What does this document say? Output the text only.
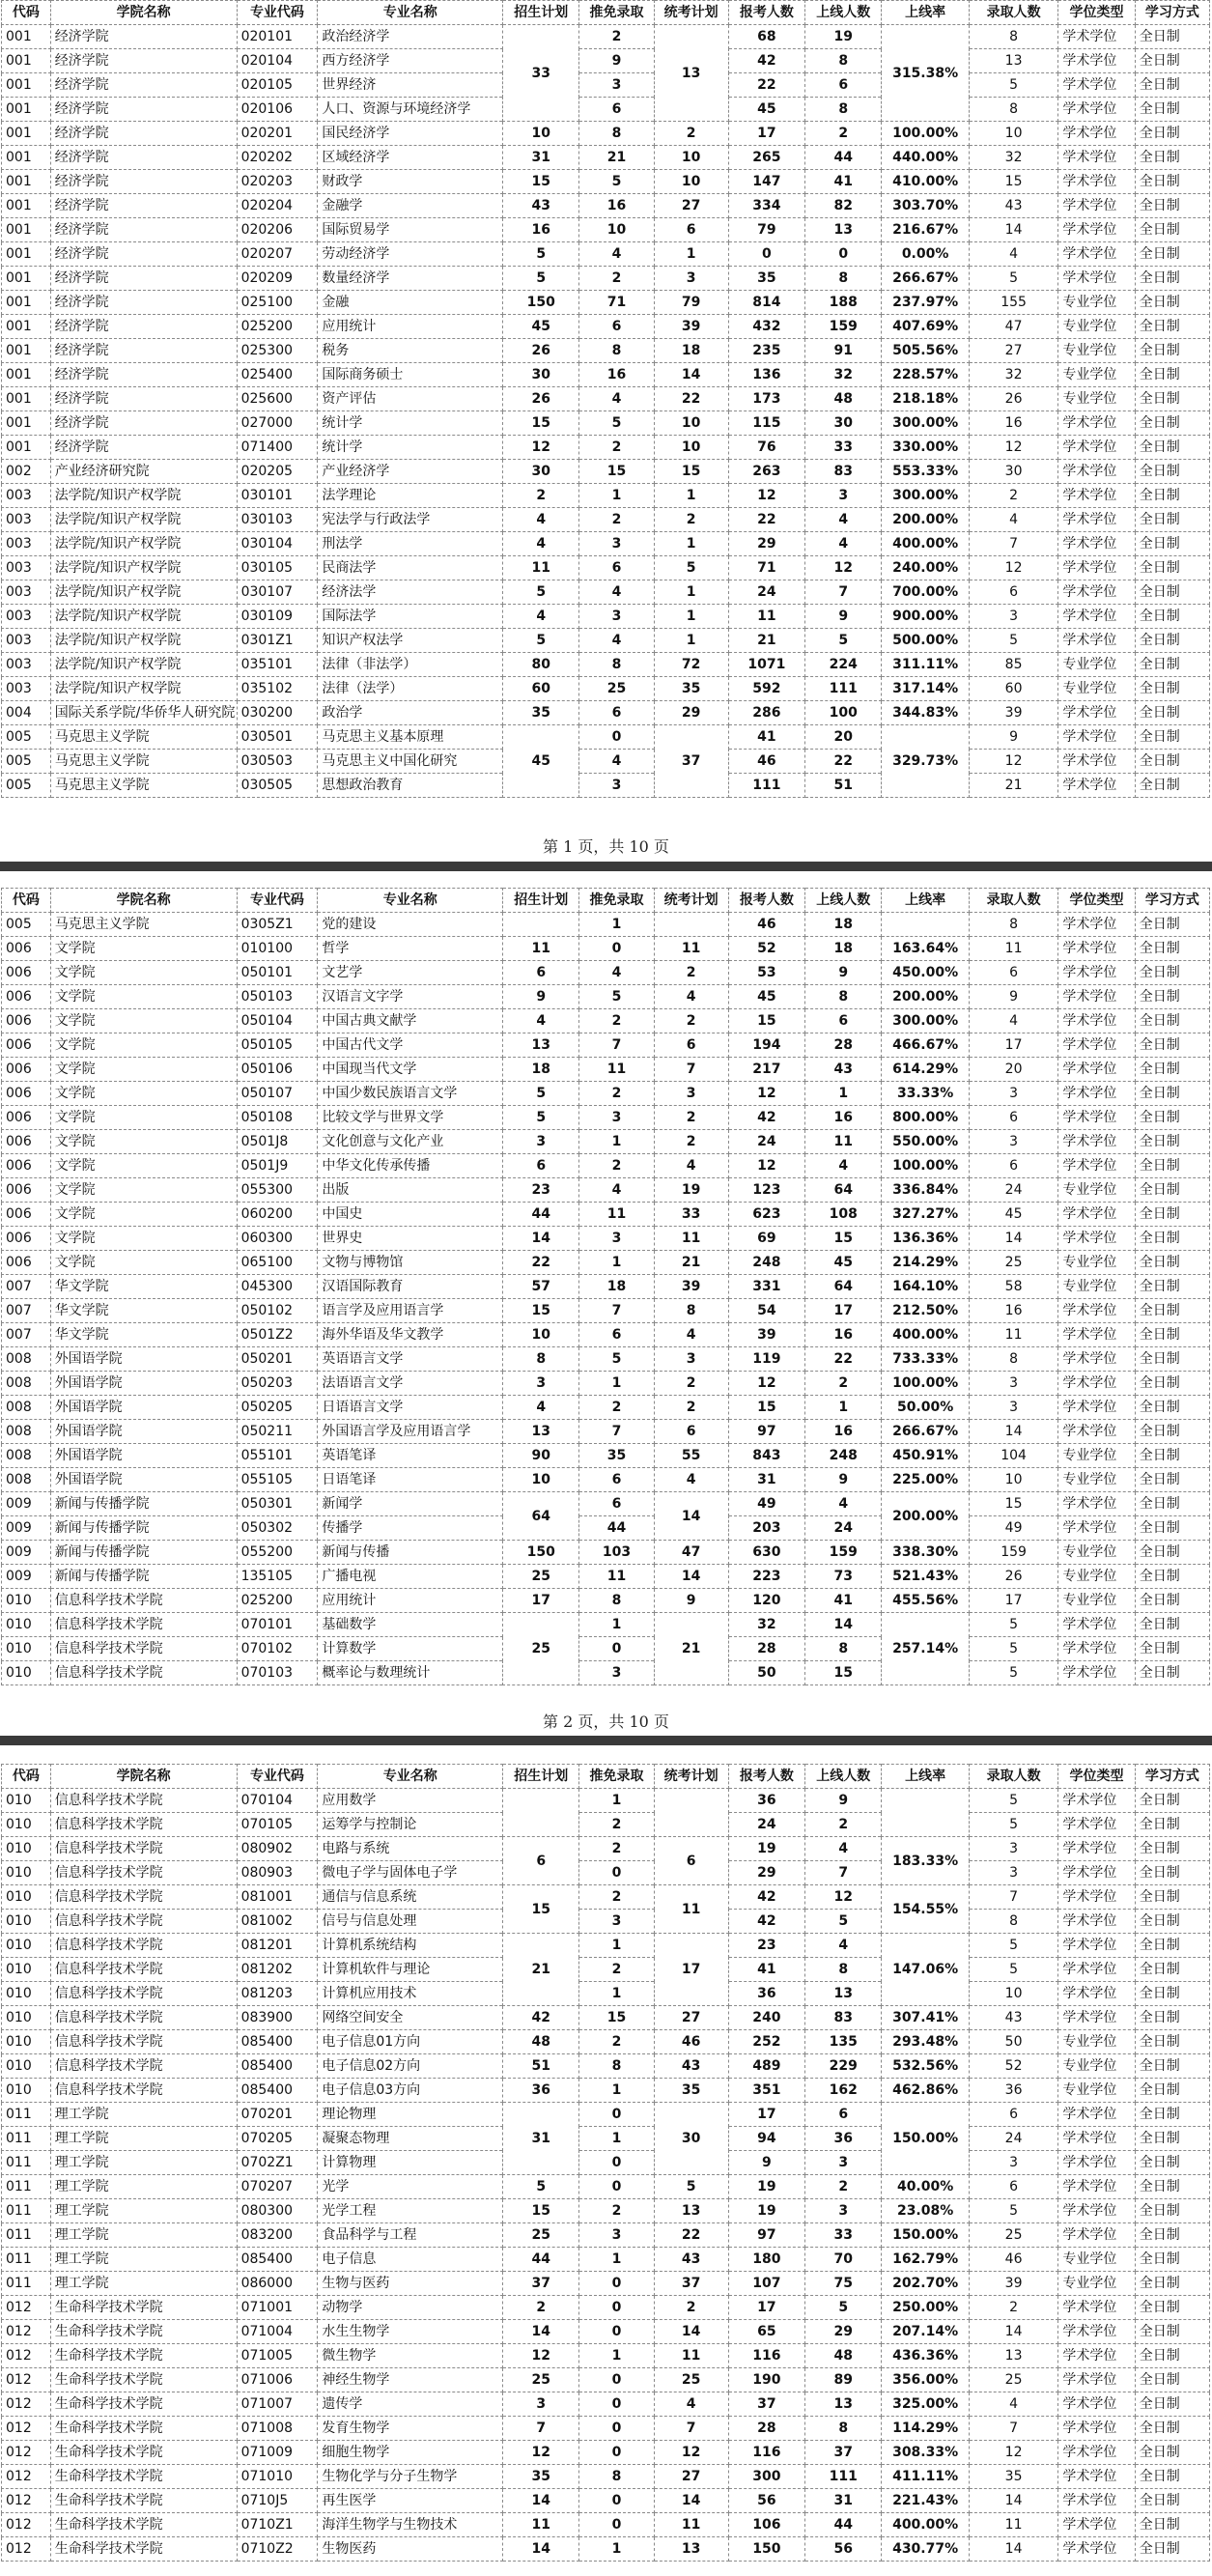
代码	学院名称	专业代码	专业名称	招生计划	推免录取	统考计划	报考人数	上线人数	上线率	录取人数	学位类型	学习方式
001	经济学院	020101	政治经济学	33	2	13	68	19	315.38%	8	学术学位	全日制
001	经济学院	020104	西方经济学		9		42	8		13	学术学位	全日制
001	经济学院	020105	世界经济		3		22	6		5	学术学位	全日制
001	经济学院	020106	人口、资源与环境经济学		6		45	8		8	学术学位	全日制
001	经济学院	020201	国民经济学	10	8	2	17	2	100.00%	10	学术学位	全日制
001	经济学院	020202	区域经济学	31	21	10	265	44	440.00%	32	学术学位	全日制
001	经济学院	020203	财政学	15	5	10	147	41	410.00%	15	学术学位	全日制
001	经济学院	020204	金融学	43	16	27	334	82	303.70%	43	学术学位	全日制
001	经济学院	020206	国际贸易学	16	10	6	79	13	216.67%	14	学术学位	全日制
001	经济学院	020207	劳动经济学	5	4	1	0	0	0.00%	4	学术学位	全日制
001	经济学院	020209	数量经济学	5	2	3	35	8	266.67%	5	学术学位	全日制
001	经济学院	025100	金融	150	71	79	814	188	237.97%	155	专业学位	全日制
001	经济学院	025200	应用统计	45	6	39	432	159	407.69%	47	专业学位	全日制
001	经济学院	025300	税务	26	8	18	235	91	505.56%	27	专业学位	全日制
001	经济学院	025400	国际商务硕士	30	16	14	136	32	228.57%	32	专业学位	全日制
001	经济学院	025600	资产评估	26	4	22	173	48	218.18%	26	专业学位	全日制
001	经济学院	027000	统计学	15	5	10	115	30	300.00%	16	学术学位	全日制
001	经济学院	071400	统计学	12	2	10	76	33	330.00%	12	学术学位	全日制
002	产业经济研究院	020205	产业经济学	30	15	15	263	83	553.33%	30	学术学位	全日制
003	法学院/知识产权学院	030101	法学理论	2	1	1	12	3	300.00%	2	学术学位	全日制
003	法学院/知识产权学院	030103	宪法学与行政法学	4	2	2	22	4	200.00%	4	学术学位	全日制
003	法学院/知识产权学院	030104	刑法学	4	3	1	29	4	400.00%	7	学术学位	全日制
003	法学院/知识产权学院	030105	民商法学	11	6	5	71	12	240.00%	12	学术学位	全日制
003	法学院/知识产权学院	030107	经济法学	5	4	1	24	7	700.00%	6	学术学位	全日制
003	法学院/知识产权学院	030109	国际法学	4	3	1	11	9	900.00%	3	学术学位	全日制
003	法学院/知识产权学院	0301Z1	知识产权法学	5	4	1	21	5	500.00%	5	学术学位	全日制
003	法学院/知识产权学院	035101	法律（非法学）	80	8	72	1071	224	311.11%	85	专业学位	全日制
003	法学院/知识产权学院	035102	法律（法学）	60	25	35	592	111	317.14%	60	专业学位	全日制
004	国际关系学院/华侨华人研究院	030200	政治学	35	6	29	286	100	344.83%	39	学术学位	全日制
005	马克思主义学院	030501	马克思主义基本原理	45	0	37	41	20	329.73%	9	学术学位	全日制
005	马克思主义学院	030503	马克思主义中国化研究		4		46	22		12	学术学位	全日制
005	马克思主义学院	030505	思想政治教育		3		111	51		21	学术学位	全日制
第 1 页，共 10 页
代码	学院名称	专业代码	专业名称	招生计划	推免录取	统考计划	报考人数	上线人数	上线率	录取人数	学位类型	学习方式
005	马克思主义学院	0305Z1	党的建设		1		46	18		8	学术学位	全日制
006	文学院	010100	哲学	11	0	11	52	18	163.64%	11	学术学位	全日制
006	文学院	050101	文艺学	6	4	2	53	9	450.00%	6	学术学位	全日制
006	文学院	050103	汉语言文字学	9	5	4	45	8	200.00%	9	学术学位	全日制
006	文学院	050104	中国古典文献学	4	2	2	15	6	300.00%	4	学术学位	全日制
006	文学院	050105	中国古代文学	13	7	6	194	28	466.67%	17	学术学位	全日制
006	文学院	050106	中国现当代文学	18	11	7	217	43	614.29%	20	学术学位	全日制
006	文学院	050107	中国少数民族语言文学	5	2	3	12	1	33.33%	3	学术学位	全日制
006	文学院	050108	比较文学与世界文学	5	3	2	42	16	800.00%	6	学术学位	全日制
006	文学院	0501J8	文化创意与文化产业	3	1	2	24	11	550.00%	3	学术学位	全日制
006	文学院	0501J9	中华文化传承传播	6	2	4	12	4	100.00%	6	学术学位	全日制
006	文学院	055300	出版	23	4	19	123	64	336.84%	24	专业学位	全日制
006	文学院	060200	中国史	44	11	33	623	108	327.27%	45	学术学位	全日制
006	文学院	060300	世界史	14	3	11	69	15	136.36%	14	学术学位	全日制
006	文学院	065100	文物与博物馆	22	1	21	248	45	214.29%	25	专业学位	全日制
007	华文学院	045300	汉语国际教育	57	18	39	331	64	164.10%	58	专业学位	全日制
007	华文学院	050102	语言学及应用语言学	15	7	8	54	17	212.50%	16	学术学位	全日制
007	华文学院	0501Z2	海外华语及华文教学	10	6	4	39	16	400.00%	11	学术学位	全日制
008	外国语学院	050201	英语语言文学	8	5	3	119	22	733.33%	8	学术学位	全日制
008	外国语学院	050203	法语语言文学	3	1	2	12	2	100.00%	3	学术学位	全日制
008	外国语学院	050205	日语语言文学	4	2	2	15	1	50.00%	3	学术学位	全日制
008	外国语学院	050211	外国语言学及应用语言学	13	7	6	97	16	266.67%	14	学术学位	全日制
008	外国语学院	055101	英语笔译	90	35	55	843	248	450.91%	104	专业学位	全日制
008	外国语学院	055105	日语笔译	10	6	4	31	9	225.00%	10	专业学位	全日制
009	新闻与传播学院	050301	新闻学	64	6	14	49	4	200.00%	15	学术学位	全日制
009	新闻与传播学院	050302	传播学		44		203	24		49	学术学位	全日制
009	新闻与传播学院	055200	新闻与传播	150	103	47	630	159	338.30%	159	专业学位	全日制
009	新闻与传播学院	135105	广播电视	25	11	14	223	73	521.43%	26	专业学位	全日制
010	信息科学技术学院	025200	应用统计	17	8	9	120	41	455.56%	17	专业学位	全日制
010	信息科学技术学院	070101	基础数学	25	1	21	32	14	257.14%	5	学术学位	全日制
010	信息科学技术学院	070102	计算数学		0		28	8		5	学术学位	全日制
010	信息科学技术学院	070103	概率论与数理统计		3		50	15		5	学术学位	全日制
第 2 页，共 10 页
代码	学院名称	专业代码	专业名称	招生计划	推免录取	统考计划	报考人数	上线人数	上线率	录取人数	学位类型	学习方式
010	信息科学技术学院	070104	应用数学		1		36	9		5	学术学位	全日制
010	信息科学技术学院	070105	运筹学与控制论		2		24	2		5	学术学位	全日制
010	信息科学技术学院	080902	电路与系统	6	2	6	19	4	183.33%	3	学术学位	全日制
010	信息科学技术学院	080903	微电子学与固体电子学		0		29	7		3	学术学位	全日制
010	信息科学技术学院	081001	通信与信息系统	15	2	11	42	12	154.55%	7	学术学位	全日制
010	信息科学技术学院	081002	信号与信息处理		3		42	5		8	学术学位	全日制
010	信息科学技术学院	081201	计算机系统结构	21	1	17	23	4	147.06%	5	学术学位	全日制
010	信息科学技术学院	081202	计算机软件与理论		2		41	8		5	学术学位	全日制
010	信息科学技术学院	081203	计算机应用技术		1		36	13		10	学术学位	全日制
010	信息科学技术学院	083900	网络空间安全	42	15	27	240	83	307.41%	43	学术学位	全日制
010	信息科学技术学院	085400	电子信息01方向	48	2	46	252	135	293.48%	50	专业学位	全日制
010	信息科学技术学院	085400	电子信息02方向	51	8	43	489	229	532.56%	52	专业学位	全日制
010	信息科学技术学院	085400	电子信息03方向	36	1	35	351	162	462.86%	36	专业学位	全日制
011	理工学院	070201	理论物理	31	0	30	17	6	150.00%	6	学术学位	全日制
011	理工学院	070205	凝聚态物理		1		94	36		24	学术学位	全日制
011	理工学院	0702Z1	计算物理		0		9	3		3	学术学位	全日制
011	理工学院	070207	光学	5	0	5	19	2	40.00%	6	学术学位	全日制
011	理工学院	080300	光学工程	15	2	13	19	3	23.08%	5	学术学位	全日制
011	理工学院	083200	食品科学与工程	25	3	22	97	33	150.00%	25	学术学位	全日制
011	理工学院	085400	电子信息	44	1	43	180	70	162.79%	46	专业学位	全日制
011	理工学院	086000	生物与医药	37	0	37	107	75	202.70%	39	专业学位	全日制
012	生命科学技术学院	071001	动物学	2	0	2	17	5	250.00%	2	学术学位	全日制
012	生命科学技术学院	071004	水生生物学	14	0	14	65	29	207.14%	14	学术学位	全日制
012	生命科学技术学院	071005	微生物学	12	1	11	116	48	436.36%	13	学术学位	全日制
012	生命科学技术学院	071006	神经生物学	25	0	25	190	89	356.00%	25	学术学位	全日制
012	生命科学技术学院	071007	遗传学	3	0	4	37	13	325.00%	4	学术学位	全日制
012	生命科学技术学院	071008	发育生物学	7	0	7	28	8	114.29%	7	学术学位	全日制
012	生命科学技术学院	071009	细胞生物学	12	0	12	116	37	308.33%	12	学术学位	全日制
012	生命科学技术学院	071010	生物化学与分子生物学	35	8	27	300	111	411.11%	35	学术学位	全日制
012	生命科学技术学院	0710J5	再生医学	14	0	14	56	31	221.43%	14	学术学位	全日制
012	生命科学技术学院	0710Z1	海洋生物学与生物技术	11	0	11	106	44	400.00%	11	学术学位	全日制
012	生命科学技术学院	0710Z2	生物医药	14	1	13	150	56	430.77%	14	学术学位	全日制
